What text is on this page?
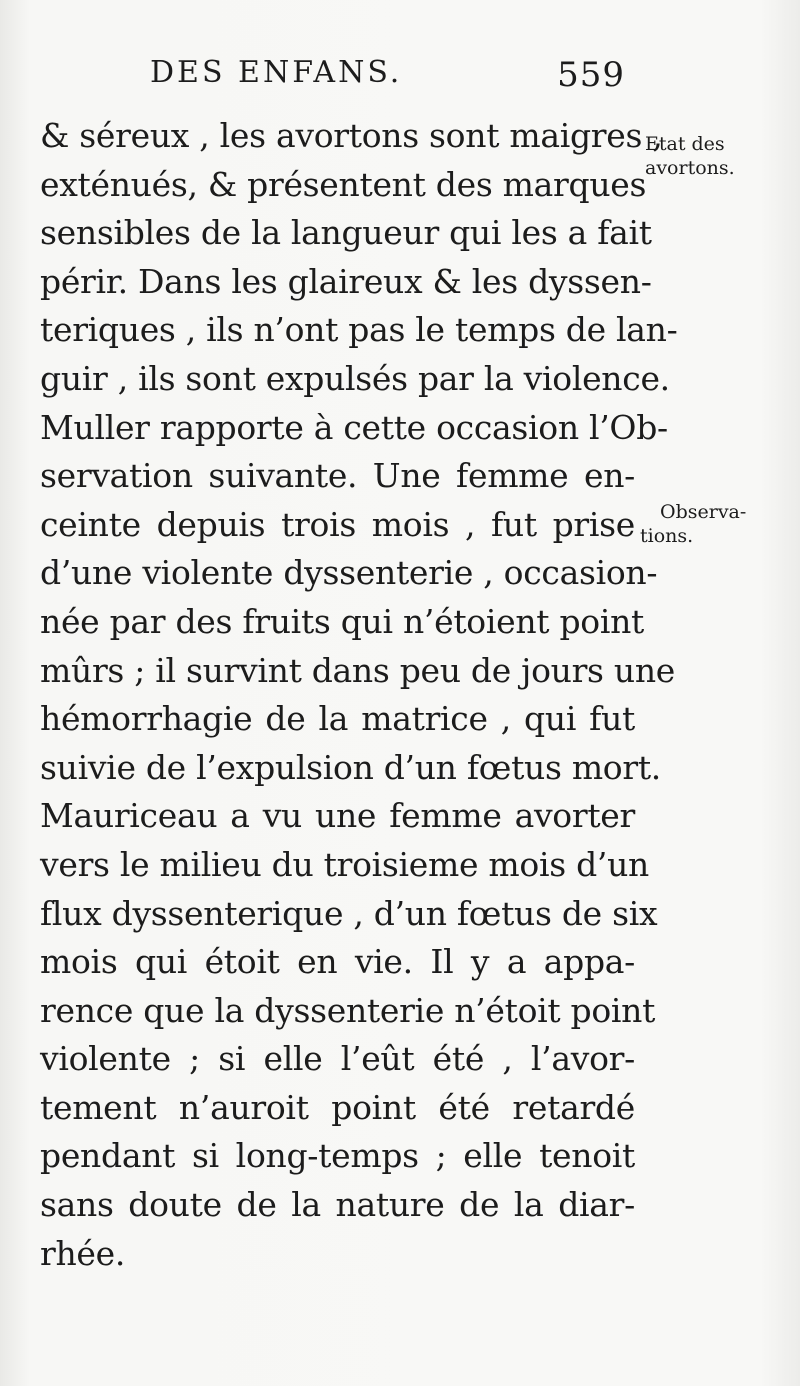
DES ENFANS.	559
& séreux , les avortons sont maigres ,
exténués, & présentent des marques
sensibles de la langueur qui les a fait
périr. Dans les glaireux & les dyssen-
teriques , ils n’ont pas le temps de lan-
guir , ils sont expulsés par la violence.
Muller rapporte à cette occasion l’Ob-
servation suivante. Une femme en-
ceinte depuis trois mois , fut prise
d’une violente dyssenterie , occasion-
née par des fruits qui n’étoient point
mûrs ; il survint dans peu de jours une
hémorrhagie de la matrice , qui fut
suivie de l’expulsion d’un fœtus mort.
Mauriceau a vu une femme avorter
vers le milieu du troisieme mois d’un
flux dyssenterique , d’un fœtus de six
mois qui étoit en vie. Il y a appa-
rence que la dyssenterie n’étoit point
violente ; si elle l’eût été , l’avor-
tement n’auroit point été retardé
pendant si long-temps ; elle tenoit
sans doute de la nature de la diar-
rhée.
Etat des
avortons.
Observa-
tions.
